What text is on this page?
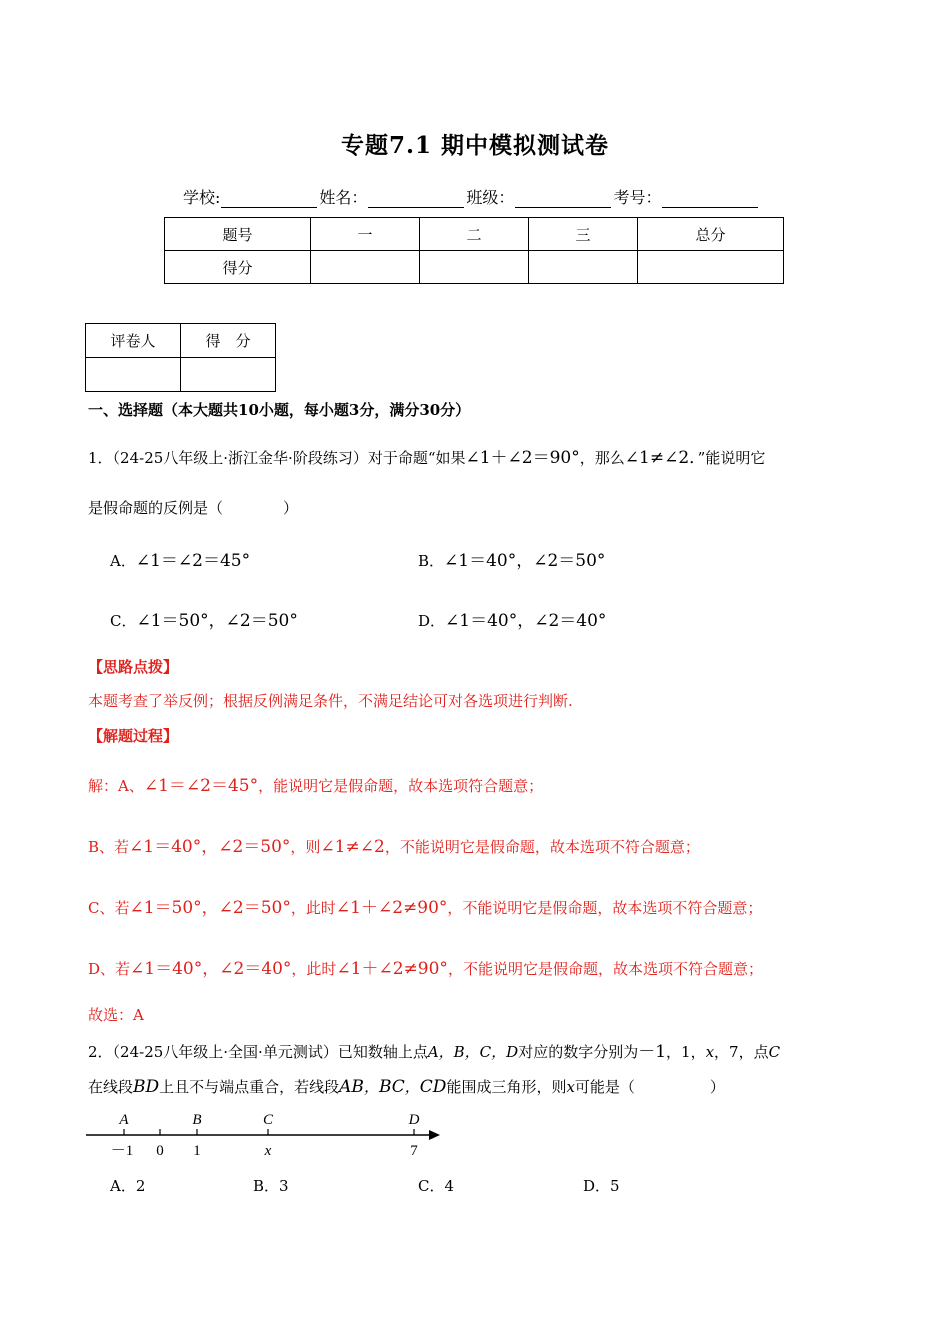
专题7.1 期中模拟测试卷
学校:	姓名：	班级：	考号：
题号	一	二	三	总分
得分				
评卷人	得　分

一、选择题（本大题共10小题，每小题3分，满分30分）
1．（24-25八年级上·浙江金华·阶段练习）对于命题“如果∠1＋∠2＝90°，那么∠1≠∠2．”能说明它
是假命题的反例是（　　　　）
A．∠1＝∠2＝45°	B．∠1＝40°，∠2＝50°
C．∠1＝50°，∠2＝50°	D．∠1＝40°，∠2＝40°
【思路点拨】
本题考查了举反例；根据反例满足条件，不满足结论可对各选项进行判断.
【解题过程】
解：A、∠1＝∠2＝45°，能说明它是假命题，故本选项符合题意；
B、若∠1＝40°，∠2＝50°，则∠1≠∠2，不能说明它是假命题，故本选项不符合题意；
C、若∠1＝50°，∠2＝50°，此时∠1＋∠2≠90°，不能说明它是假命题，故本选项不符合题意；
D、若∠1＝40°，∠2＝40°，此时∠1＋∠2≠90°，不能说明它是假命题，故本选项不符合题意；
故选：A
2．（24-25八年级上·全国·单元测试）已知数轴上点A，B，C，D对应的数字分别为－1，1，x，7，点C
在线段BD上且不与端点重合，若线段AB，BC，CD能围成三角形，则x可能是（　　　　　）
A	B	C	D
－1 0 1	x	7
A．2	B．3	C．4	D．5
